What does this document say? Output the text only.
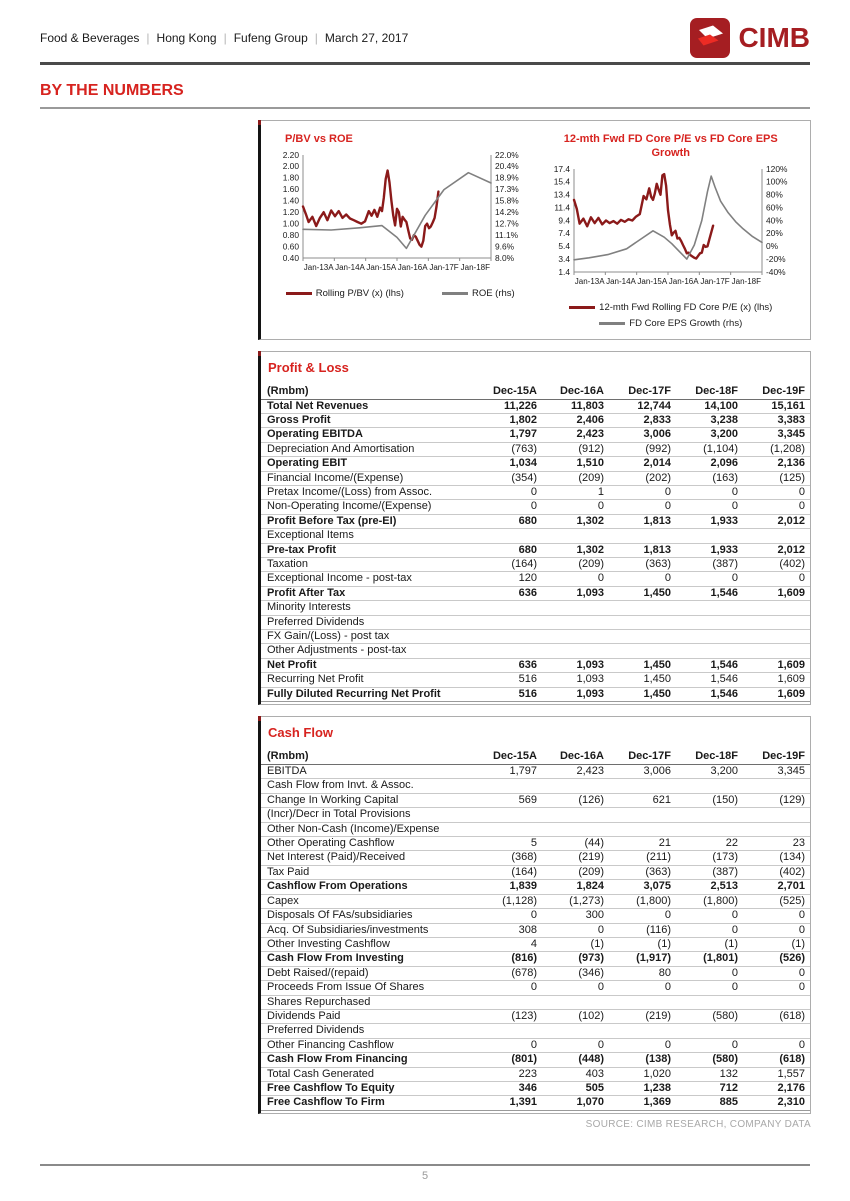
Food & Beverages | Hong Kong | Fufeng Group | March 27, 2017	CIMB
BY THE NUMBERS
P/BV vs ROE
2.20
2.00
1.80
1.60
1.40
1.20
1.00
0.80
0.60
0.40
22.0%
20.4%
18.9%
17.3%
15.8%
14.2%
12.7%
11.1%
9.6%
8.0%
Jan-13A Jan-14A Jan-15A Jan-16A Jan-17F Jan-18F
Rolling P/BV (x) (lhs)	ROE (rhs)
12-mth Fwd FD Core P/E vs FD Core EPS Growth
17.4
15.4
13.4
11.4
9.4
7.4
5.4
3.4
1.4
120%
100%
80%
60%
40%
20%
0%
-20%
-40%
Jan-13A Jan-14A Jan-15A Jan-16A Jan-17F Jan-18F
12-mth Fwd Rolling FD Core P/E (x) (lhs)
FD Core EPS Growth (rhs)
Profit & Loss
(Rmbm)	Dec-15A	Dec-16A	Dec-17F	Dec-18F	Dec-19F
Total Net Revenues	11,226	11,803	12,744	14,100	15,161
Gross Profit	1,802	2,406	2,833	3,238	3,383
Operating EBITDA	1,797	2,423	3,006	3,200	3,345
Depreciation And Amortisation	(763)	(912)	(992)	(1,104)	(1,208)
Operating EBIT	1,034	1,510	2,014	2,096	2,136
Financial Income/(Expense)	(354)	(209)	(202)	(163)	(125)
Pretax Income/(Loss) from Assoc.	0	1	0	0	0
Non-Operating Income/(Expense)	0	0	0	0	0
Profit Before Tax (pre-EI)	680	1,302	1,813	1,933	2,012
Exceptional Items					
Pre-tax Profit	680	1,302	1,813	1,933	2,012
Taxation	(164)	(209)	(363)	(387)	(402)
Exceptional Income - post-tax	120	0	0	0	0
Profit After Tax	636	1,093	1,450	1,546	1,609
Minority Interests					
Preferred Dividends					
FX Gain/(Loss) - post tax					
Other Adjustments - post-tax					
Net Profit	636	1,093	1,450	1,546	1,609
Recurring Net Profit	516	1,093	1,450	1,546	1,609
Fully Diluted Recurring Net Profit	516	1,093	1,450	1,546	1,609
Cash Flow
(Rmbm)	Dec-15A	Dec-16A	Dec-17F	Dec-18F	Dec-19F
EBITDA	1,797	2,423	3,006	3,200	3,345
Cash Flow from Invt. & Assoc.					
Change In Working Capital	569	(126)	621	(150)	(129)
(Incr)/Decr in Total Provisions					
Other Non-Cash (Income)/Expense					
Other Operating Cashflow	5	(44)	21	22	23
Net Interest (Paid)/Received	(368)	(219)	(211)	(173)	(134)
Tax Paid	(164)	(209)	(363)	(387)	(402)
Cashflow From Operations	1,839	1,824	3,075	2,513	2,701
Capex	(1,128)	(1,273)	(1,800)	(1,800)	(525)
Disposals Of FAs/subsidiaries	0	300	0	0	0
Acq. Of Subsidiaries/investments	308	0	(116)	0	0
Other Investing Cashflow	4	(1)	(1)	(1)	(1)
Cash Flow From Investing	(816)	(973)	(1,917)	(1,801)	(526)
Debt Raised/(repaid)	(678)	(346)	80	0	0
Proceeds From Issue Of Shares	0	0	0	0	0
Shares Repurchased					
Dividends Paid	(123)	(102)	(219)	(580)	(618)
Preferred Dividends					
Other Financing Cashflow	0	0	0	0	0
Cash Flow From Financing	(801)	(448)	(138)	(580)	(618)
Total Cash Generated	223	403	1,020	132	1,557
Free Cashflow To Equity	346	505	1,238	712	2,176
Free Cashflow To Firm	1,391	1,070	1,369	885	2,310
SOURCE: CIMB RESEARCH, COMPANY DATA
5
